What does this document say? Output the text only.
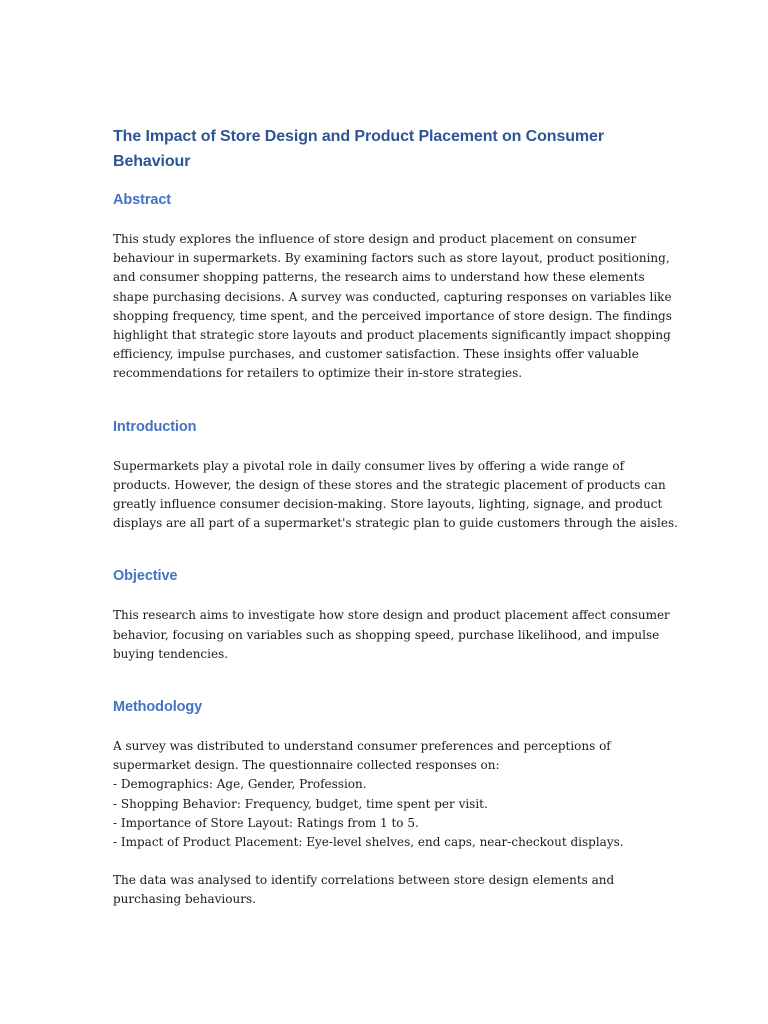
The Impact of Store Design and Product Placement on Consumer
Behaviour
Abstract

This study explores the influence of store design and product placement on consumer
behaviour in supermarkets. By examining factors such as store layout, product positioning,
and consumer shopping patterns, the research aims to understand how these elements
shape purchasing decisions. A survey was conducted, capturing responses on variables like
shopping frequency, time spent, and the perceived importance of store design. The findings
highlight that strategic store layouts and product placements significantly impact shopping
efficiency, impulse purchases, and customer satisfaction. These insights offer valuable
recommendations for retailers to optimize their in-store strategies.

Introduction

Supermarkets play a pivotal role in daily consumer lives by offering a wide range of
products. However, the design of these stores and the strategic placement of products can
greatly influence consumer decision-making. Store layouts, lighting, signage, and product
displays are all part of a supermarket's strategic plan to guide customers through the aisles.

Objective

This research aims to investigate how store design and product placement affect consumer
behavior, focusing on variables such as shopping speed, purchase likelihood, and impulse
buying tendencies.

Methodology

A survey was distributed to understand consumer preferences and perceptions of
supermarket design. The questionnaire collected responses on:
- Demographics: Age, Gender, Profession.
- Shopping Behavior: Frequency, budget, time spent per visit.
- Importance of Store Layout: Ratings from 1 to 5.
- Impact of Product Placement: Eye-level shelves, end caps, near-checkout displays.

The data was analysed to identify correlations between store design elements and
purchasing behaviours.
